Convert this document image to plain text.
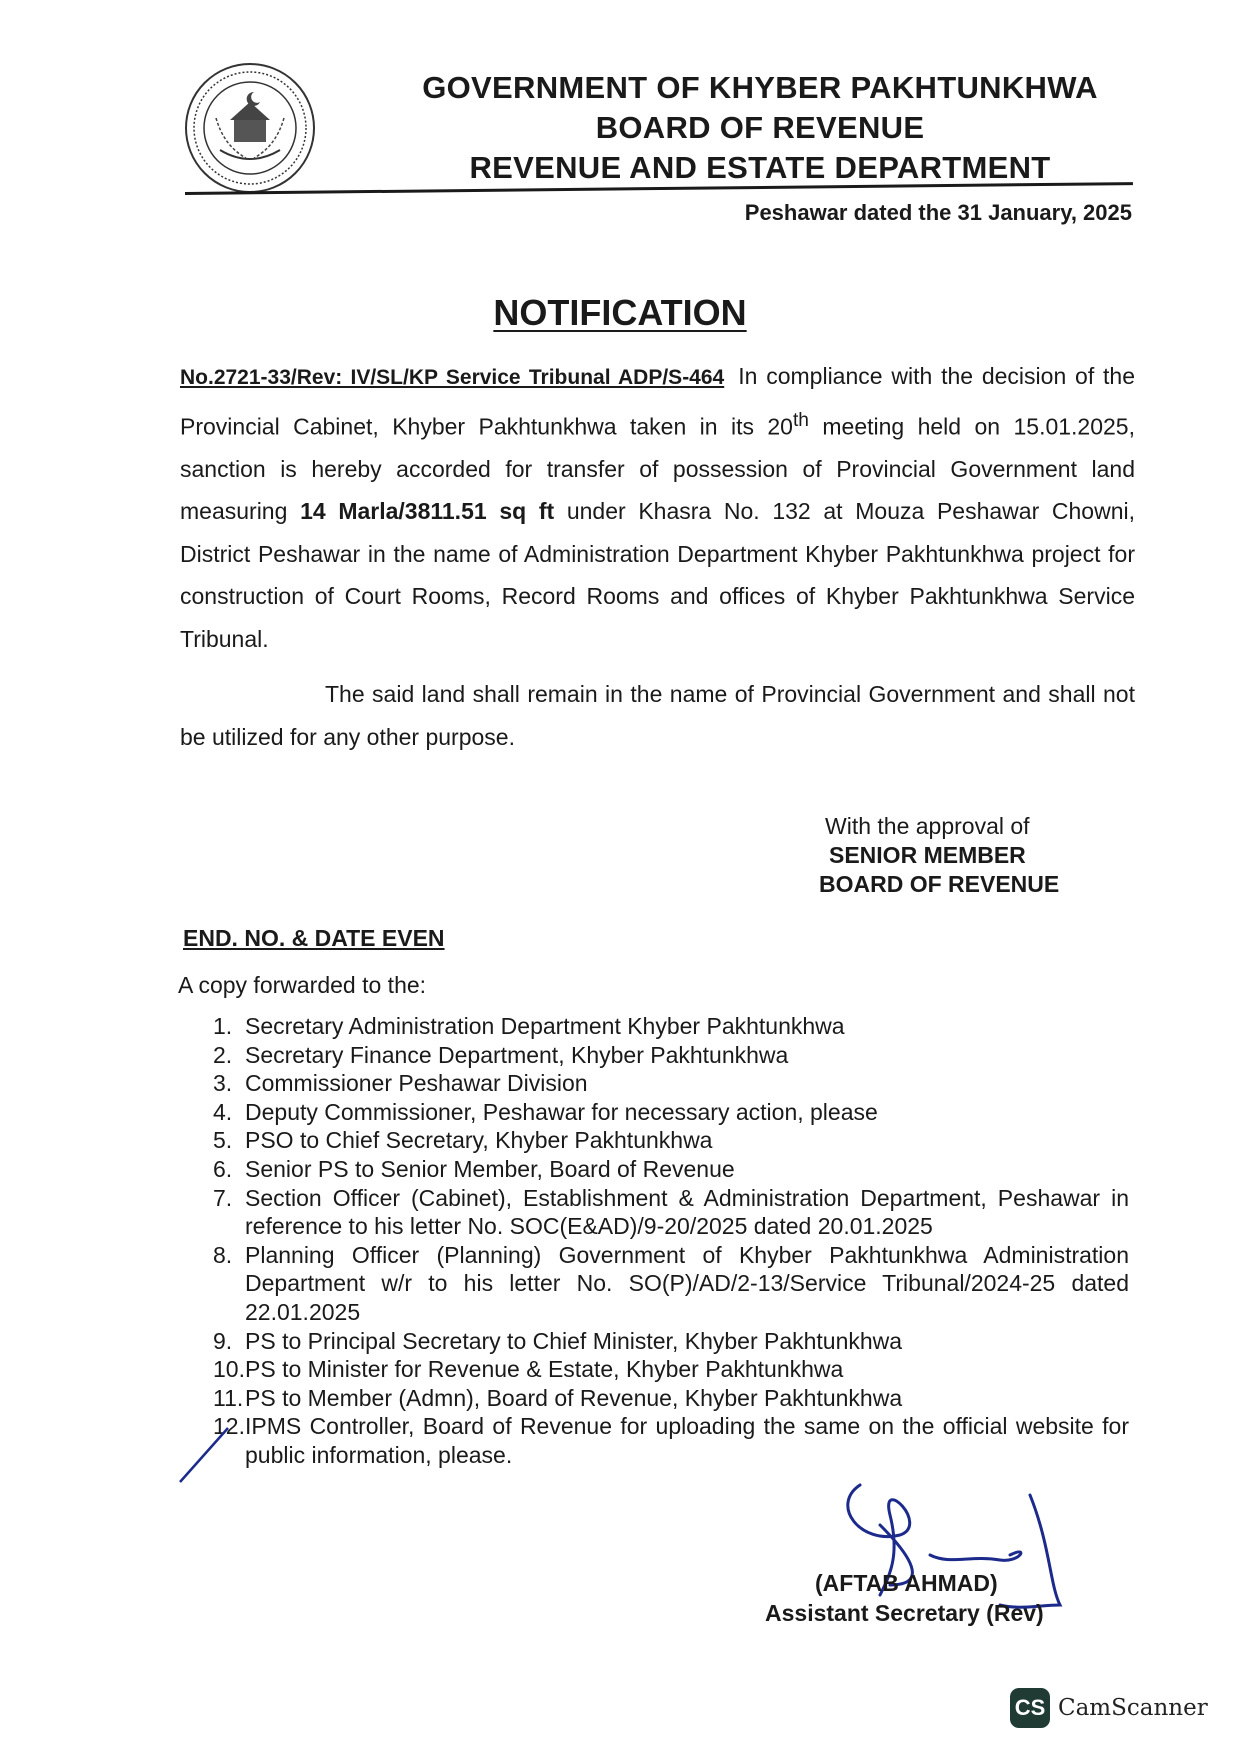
GOVERNMENT OF KHYBER PAKHTUNKHWA
BOARD OF REVENUE
REVENUE AND ESTATE DEPARTMENT
Peshawar dated the 31 January, 2025
NOTIFICATION
No.2721-33/Rev: IV/SL/KP Service Tribunal ADP/S-464 In compliance with the decision of the Provincial Cabinet, Khyber Pakhtunkhwa taken in its 20th meeting held on 15.01.2025, sanction is hereby accorded for transfer of possession of Provincial Government land measuring 14 Marla/3811.51 sq ft under Khasra No. 132 at Mouza Peshawar Chowni, District Peshawar in the name of Administration Department Khyber Pakhtunkhwa project for construction of Court Rooms, Record Rooms and offices of Khyber Pakhtunkhwa Service Tribunal.
The said land shall remain in the name of Provincial Government and shall not be utilized for any other purpose.
With the approval of
SENIOR MEMBER
BOARD OF REVENUE
END. NO. & DATE EVEN
A copy forwarded to the:
1. Secretary Administration Department Khyber Pakhtunkhwa
2. Secretary Finance Department, Khyber Pakhtunkhwa
3. Commissioner Peshawar Division
4. Deputy Commissioner, Peshawar for necessary action, please
5. PSO to Chief Secretary, Khyber Pakhtunkhwa
6. Senior PS to Senior Member, Board of Revenue
7. Section Officer (Cabinet), Establishment & Administration Department, Peshawar in reference to his letter No. SOC(E&AD)/9-20/2025 dated 20.01.2025
8. Planning Officer (Planning) Government of Khyber Pakhtunkhwa Administration Department w/r to his letter No. SO(P)/AD/2-13/Service Tribunal/2024-25 dated 22.01.2025
9. PS to Principal Secretary to Chief Minister, Khyber Pakhtunkhwa
10. PS to Minister for Revenue & Estate, Khyber Pakhtunkhwa
11. PS to Member (Admn), Board of Revenue, Khyber Pakhtunkhwa
12. IPMS Controller, Board of Revenue for uploading the same on the official website for public information, please.
(AFTAB AHMAD)
Assistant Secretary (Rev)
CS CamScanner
